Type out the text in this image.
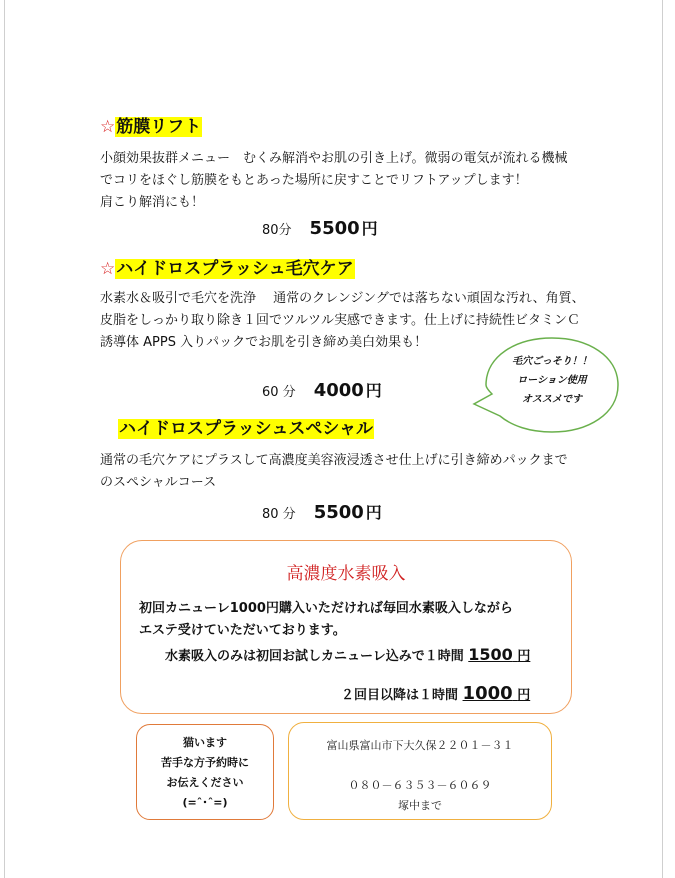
☆筋膜リフト
小顔効果抜群メニュー　むくみ解消やお肌の引き上げ。微弱の電気が流れる機械
でコリをほぐし筋膜をもとあった場所に戻すことでリフトアップします！
肩こり解消にも！
80分 5500 円
☆ハイドロスプラッシュ毛穴ケア
水素水＆吸引で毛穴を洗浄　 通常のクレンジングでは落ちない頑固な汚れ、角質、
皮脂をしっかり取り除き１回でツルツル実感できます。仕上げに持続性ビタミンＣ
誘導体 APPS 入りパックでお肌を引き締め美白効果も！
60 分 4000 円
毛穴ごっそり！！
ローション使用
オススメです
ハイドロスプラッシュスペシャル
通常の毛穴ケアにプラスして高濃度美容液浸透させ仕上げに引き締めパックまで
のスペシャルコース
80 分 5500 円
高濃度水素吸入
初回カニューレ1000円購入いただければ毎回水素吸入しながら
エステ受けていただいております。
水素吸入のみは初回お試しカニューレ込みで１時間 1500 円
２回目以降は１時間 1000 円
猫います
苦手な方予約時に
お伝えください
(=ˆ･ˆ=)
富山県富山市下大久保２２０１－３１
０８０－６３５３－６０６９
塚中まで
